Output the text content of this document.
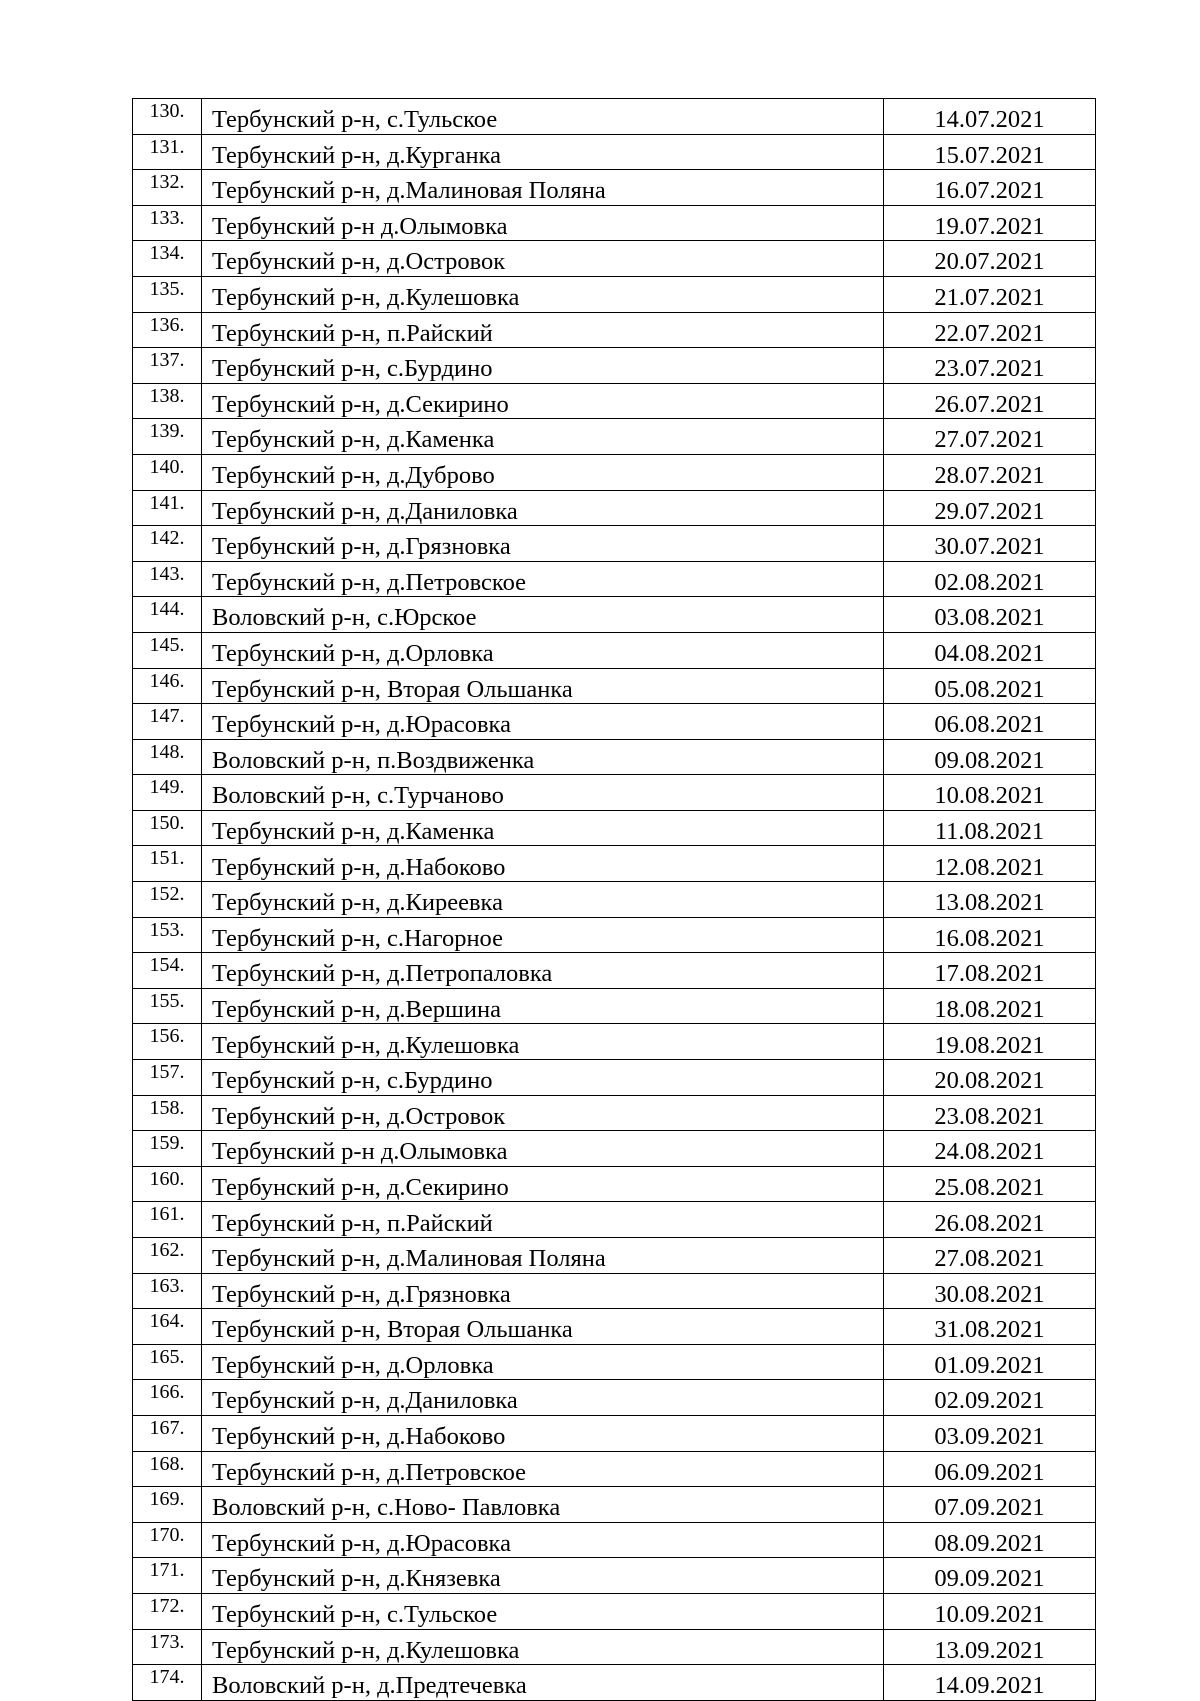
130.	Тербунский р-н, с.Тульское	14.07.2021
131.	Тербунский р-н, д.Курганка	15.07.2021
132.	Тербунский р-н, д.Малиновая Поляна	16.07.2021
133.	Тербунский р-н д.Олымовка	19.07.2021
134.	Тербунский р-н, д.Островок	20.07.2021
135.	Тербунский р-н, д.Кулешовка	21.07.2021
136.	Тербунский р-н, п.Райский	22.07.2021
137.	Тербунский р-н, с.Бурдино	23.07.2021
138.	Тербунский р-н, д.Секирино	26.07.2021
139.	Тербунский р-н, д.Каменка	27.07.2021
140.	Тербунский р-н, д.Дуброво	28.07.2021
141.	Тербунский р-н, д.Даниловка	29.07.2021
142.	Тербунский р-н, д.Грязновка	30.07.2021
143.	Тербунский р-н, д.Петровское	02.08.2021
144.	Воловский р-н, с.Юрское	03.08.2021
145.	Тербунский р-н, д.Орловка	04.08.2021
146.	Тербунский р-н, Вторая Ольшанка	05.08.2021
147.	Тербунский р-н, д.Юрасовка	06.08.2021
148.	Воловский р-н, п.Воздвиженка	09.08.2021
149.	Воловский р-н, с.Турчаново	10.08.2021
150.	Тербунский р-н, д.Каменка	11.08.2021
151.	Тербунский р-н, д.Набоково	12.08.2021
152.	Тербунский р-н, д.Киреевка	13.08.2021
153.	Тербунский р-н, с.Нагорное	16.08.2021
154.	Тербунский р-н, д.Петропаловка	17.08.2021
155.	Тербунский р-н, д.Вершина	18.08.2021
156.	Тербунский р-н, д.Кулешовка	19.08.2021
157.	Тербунский р-н, с.Бурдино	20.08.2021
158.	Тербунский р-н, д.Островок	23.08.2021
159.	Тербунский р-н д.Олымовка	24.08.2021
160.	Тербунский р-н, д.Секирино	25.08.2021
161.	Тербунский р-н, п.Райский	26.08.2021
162.	Тербунский р-н, д.Малиновая Поляна	27.08.2021
163.	Тербунский р-н, д.Грязновка	30.08.2021
164.	Тербунский р-н, Вторая Ольшанка	31.08.2021
165.	Тербунский р-н, д.Орловка	01.09.2021
166.	Тербунский р-н, д.Даниловка	02.09.2021
167.	Тербунский р-н, д.Набоково	03.09.2021
168.	Тербунский р-н, д.Петровское	06.09.2021
169.	Воловский р-н, с.Ново- Павловка	07.09.2021
170.	Тербунский р-н, д.Юрасовка	08.09.2021
171.	Тербунский р-н, д.Князевка	09.09.2021
172.	Тербунский р-н, с.Тульское	10.09.2021
173.	Тербунский р-н, д.Кулешовка	13.09.2021
174.	Воловский р-н, д.Предтечевка	14.09.2021
